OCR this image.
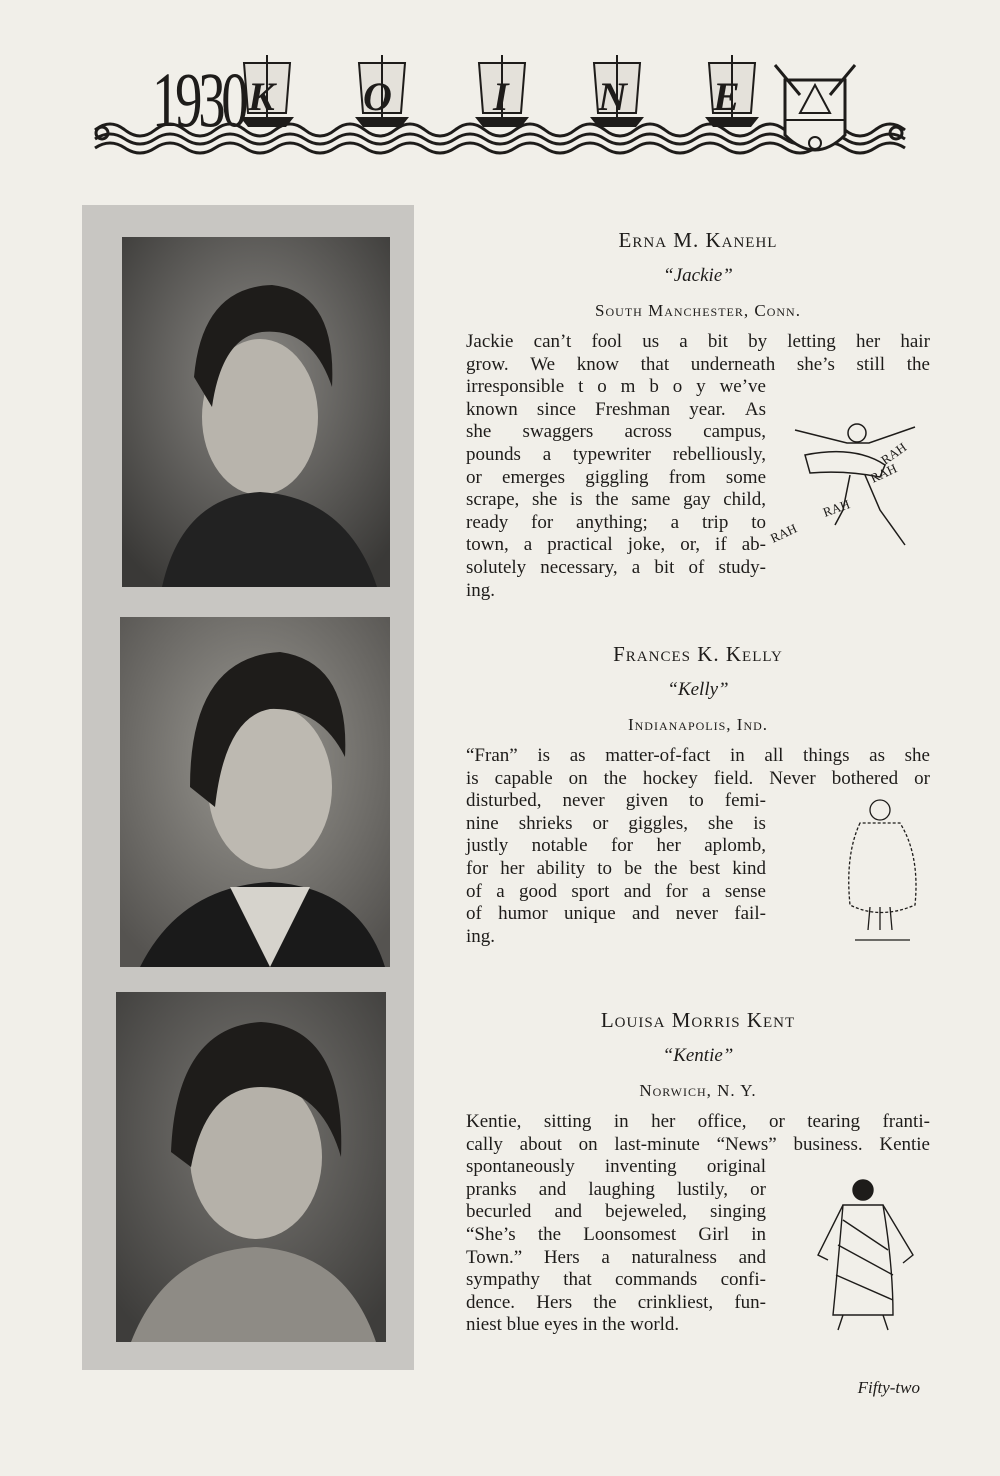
1930 K O	I N E

Erna M. Kanehl

“Jackie”

South Manchester, Conn.

Jackie can’t fool us a bit by letting her hair
grow. We know that underneath she’s still the
irresponsible t o m b o y we’ve
known since Freshman year. As
she swaggers across campus,
pounds a typewriter rebelliously,
or emerges giggling from some
scrape, she is the same gay child,
ready for anything; a trip to
town, a practical joke, or, if ab-
solutely necessary, a bit of study-
ing.
RAH
RAH
RAH
RAH

Frances K. Kelly

“Kelly”

Indianapolis, Ind.

“Fran” is as matter-of-fact in all things as she
is capable on the hockey field. Never bothered or
disturbed, never given to femi-
nine shrieks or giggles, she is
justly notable for her aplomb,
for her ability to be the best kind
of a good sport and for a sense
of humor unique and never fail-
ing.

Louisa Morris Kent

“Kentie”

Norwich, N. Y.

Kentie, sitting in her office, or tearing franti-
cally about on last-minute “News” business. Kentie
spontaneously inventing original
pranks and laughing lustily, or
becurled and bejeweled, singing
“She’s the Loonsomest Girl in
Town.” Hers a naturalness and
sympathy that commands confi-
dence. Hers the crinkliest, fun-
niest blue eyes in the world.
Fifty-two
